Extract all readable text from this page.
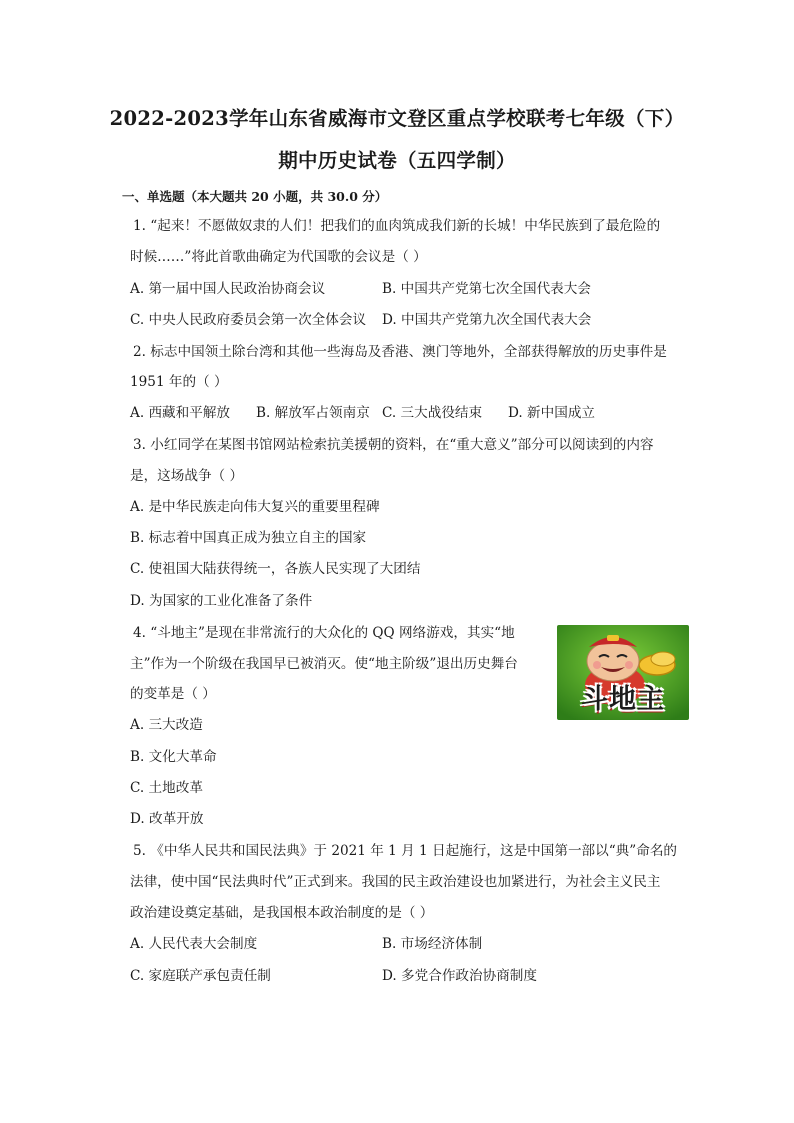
2022-2023学年山东省威海市文登区重点学校联考七年级（下）
期中历史试卷（五四学制）
一、单选题（本大题共 20 小题，共 30.0 分）
1. “起来！不愿做奴隶的人们！把我们的血肉筑成我们新的长城！中华民族到了最危险的
时候……”将此首歌曲确定为代国歌的会议是（ ）
A. 第一届中国人民政治协商会议	B. 中国共产党第七次全国代表大会
C. 中央人民政府委员会第一次全体会议 D. 中国共产党第九次全国代表大会
2. 标志中国领土除台湾和其他一些海岛及香港、澳门等地外，全部获得解放的历史事件是
1951 年的（ ）
A. 西藏和平解放 B. 解放军占领南京 C. 三大战役结束 D. 新中国成立
3. 小红同学在某图书馆网站检索抗美援朝的资料，在“重大意义”部分可以阅读到的内容
是，这场战争（ ）
A. 是中华民族走向伟大复兴的重要里程碑
B. 标志着中国真正成为独立自主的国家
C. 使祖国大陆获得统一，各族人民实现了大团结
D. 为国家的工业化准备了条件
4. “斗地主”是现在非常流行的大众化的 QQ 网络游戏，其实“地
主”作为一个阶级在我国早已被消灭。使“地主阶级”退出历史舞台
的变革是（ ）
A. 三大改造
B. 文化大革命
C. 土地改革
D. 改革开放
斗地主
5. 《中华人民共和国民法典》于 2021 年 1 月 1 日起施行，这是中国第一部以“典”命名的
法律，使中国“民法典时代”正式到来。我国的民主政治建设也加紧进行，为社会主义民主
政治建设奠定基础，是我国根本政治制度的是（ ）
A. 人民代表大会制度	B. 市场经济体制
C. 家庭联产承包责任制	D. 多党合作政治协商制度
